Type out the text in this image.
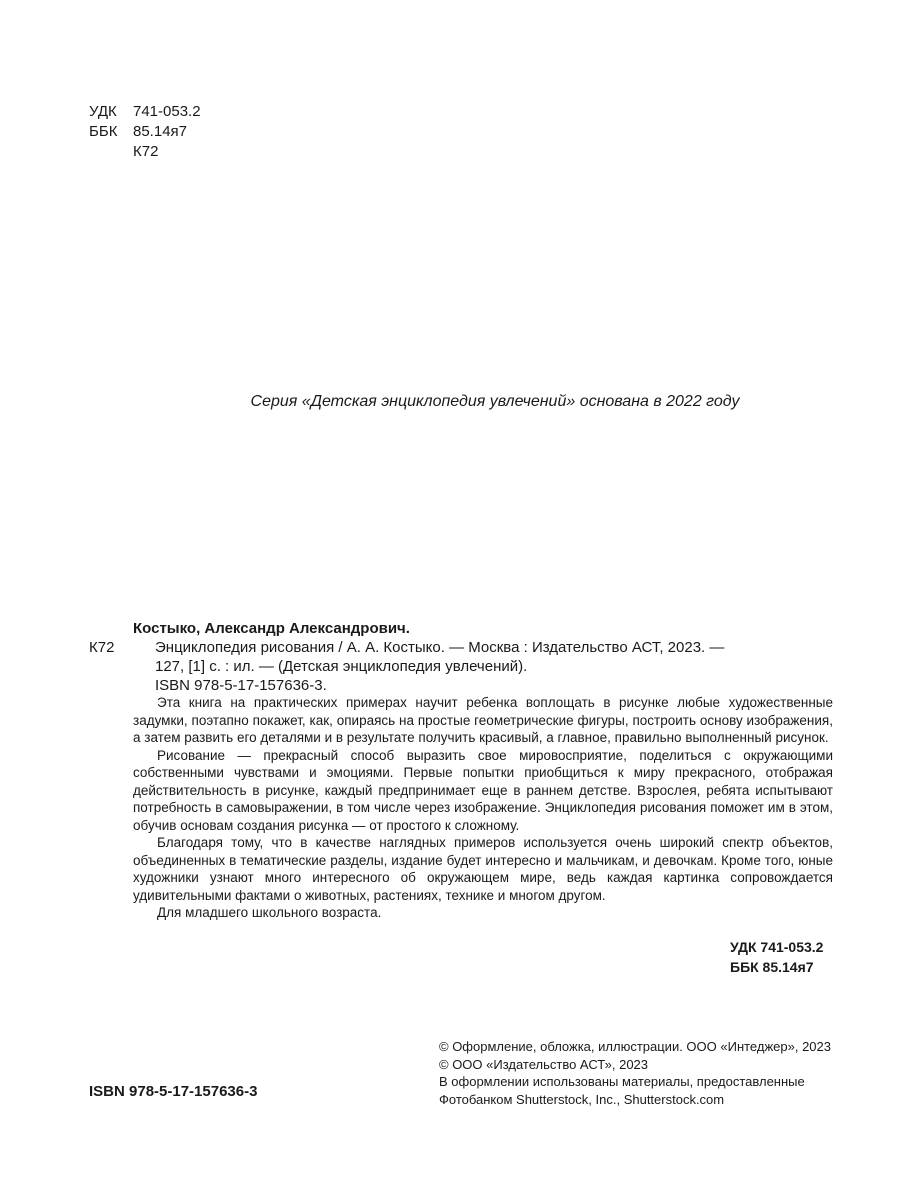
УДК	741-053.2
ББК	85.14я7
К72
Серия «Детская энциклопедия увлечений» основана в 2022 году
Костыко, Александр Александрович.
К72	Энциклопедия рисования / А. А. Костыко. — Москва : Издательство АСТ, 2023. —
127, [1] с. : ил. — (Детская энциклопедия увлечений).
ISBN 978-5-17-157636-3.

Эта книга на практических примерах научит ребенка воплощать в рисунке любые художественные задумки, поэтапно покажет, как, опираясь на простые геометрические фигуры, построить основу изображения, а затем развить его деталями и в результате получить красивый, а главное, правильно выполненный рисунок.

Рисование — прекрасный способ выразить свое мировосприятие, поделиться с окружающими собственными чувствами и эмоциями. Первые попытки приобщиться к миру прекрасного, отображая действительность в рисунке, каждый предпринимает еще в раннем детстве. Взрослея, ребята испытывают потребность в самовыражении, в том числе через изображение. Энциклопедия рисования поможет им в этом, обучив основам создания рисунка — от простого к сложному.

Благодаря тому, что в качестве наглядных примеров используется очень широкий спектр объектов, объединенных в тематические разделы, издание будет интересно и мальчикам, и девочкам. Кроме того, юные художники узнают много интересного об окружающем мире, ведь каждая картинка сопровождается удивительными фактами о животных, растениях, технике и многом другом.

Для младшего школьного возраста.

УДК 741-053.2
ББК 85.14я7
© Оформление, обложка, иллюстрации. ООО «Интеджер», 2023
© ООО «Издательство АСТ», 2023
В оформлении использованы материалы, предоставленные
Фотобанком Shutterstock, Inc., Shutterstock.com
ISBN 978-5-17-157636-3
